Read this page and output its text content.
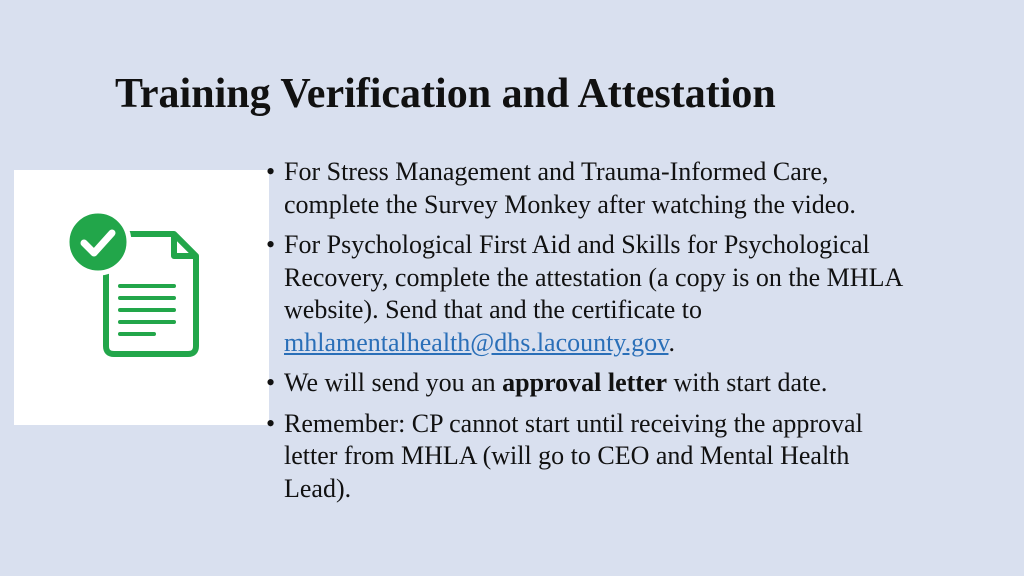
Training Verification and Attestation
• For Stress Management and Trauma-Informed Care, complete the Survey Monkey after watching the video.
• For Psychological First Aid and Skills for Psychological Recovery, complete the attestation (a copy is on the MHLA website). Send that and the certificate to mhlamentalhealth@dhs.lacounty.gov.
• We will send you an approval letter with start date.
• Remember: CP cannot start until receiving the approval letter from MHLA (will go to CEO and Mental Health Lead).
